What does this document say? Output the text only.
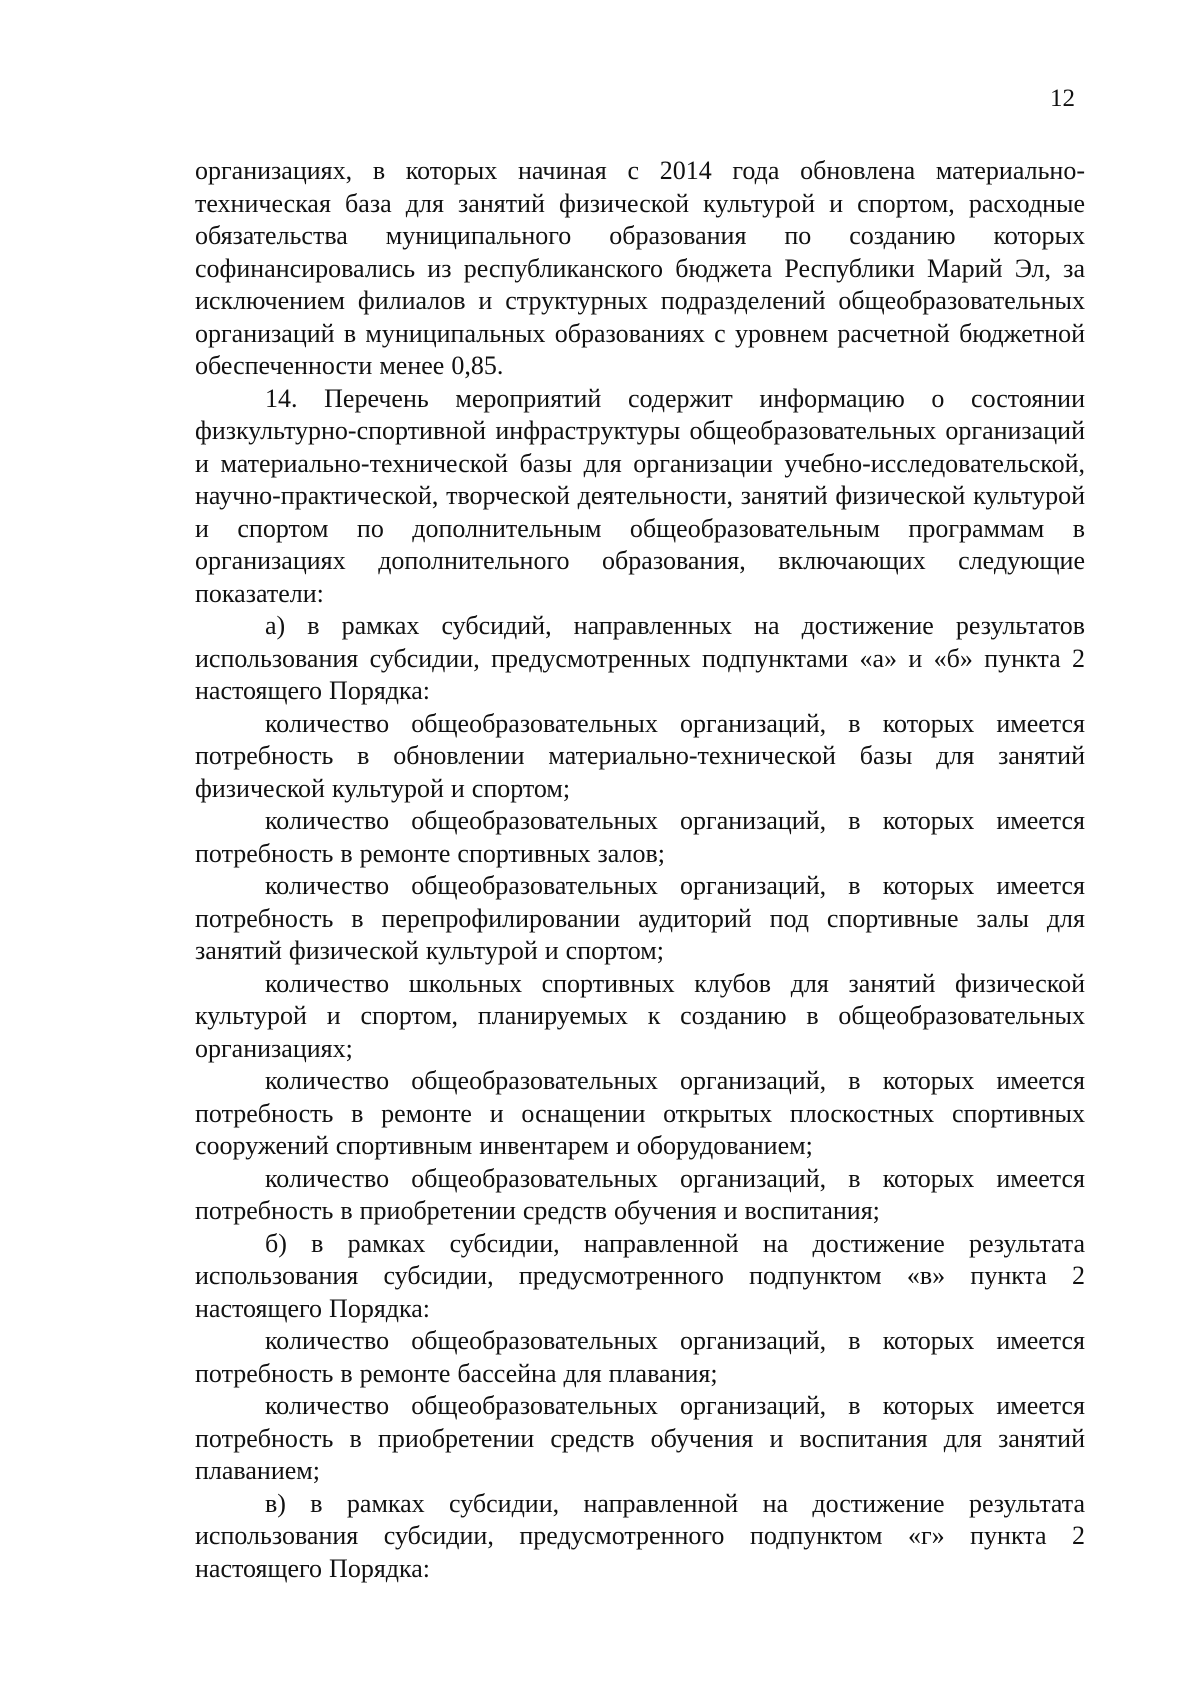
12

организациях, в которых начиная с 2014 года обновлена материально-техническая база для занятий физической культурой и спортом, расходные обязательства муниципального образования по созданию которых софинансировались из республиканского бюджета Республики Марий Эл, за исключением филиалов и структурных подразделений общеобразовательных организаций в муниципальных образованиях с уровнем расчетной бюджетной обеспеченности менее 0,85.

14. Перечень мероприятий содержит информацию о состоянии физкультурно-спортивной инфраструктуры общеобразовательных организаций и материально-технической базы для организации учебно-исследовательской, научно-практической, творческой деятельности, занятий физической культурой и спортом по дополнительным общеобразовательным программам в организациях дополнительного образования, включающих следующие показатели:

а) в рамках субсидий, направленных на достижение результатов использования субсидии, предусмотренных подпунктами «а» и «б» пункта 2 настоящего Порядка:

количество общеобразовательных организаций, в которых имеется потребность в обновлении материально-технической базы для занятий физической культурой и спортом;

количество общеобразовательных организаций, в которых имеется потребность в ремонте спортивных залов;

количество общеобразовательных организаций, в которых имеется потребность в перепрофилировании аудиторий под спортивные залы для занятий физической культурой и спортом;

количество школьных спортивных клубов для занятий физической культурой и спортом, планируемых к созданию в общеобразовательных организациях;

количество общеобразовательных организаций, в которых имеется потребность в ремонте и оснащении открытых плоскостных спортивных сооружений спортивным инвентарем и оборудованием;

количество общеобразовательных организаций, в которых имеется потребность в приобретении средств обучения и воспитания;

б) в рамках субсидии, направленной на достижение результата использования субсидии, предусмотренного подпунктом «в» пункта 2 настоящего Порядка:

количество общеобразовательных организаций, в которых имеется потребность в ремонте бассейна для плавания;

количество общеобразовательных организаций, в которых имеется потребность в приобретении средств обучения и воспитания для занятий плаванием;

в) в рамках субсидии, направленной на достижение результата использования субсидии, предусмотренного подпунктом «г» пункта 2 настоящего Порядка:
